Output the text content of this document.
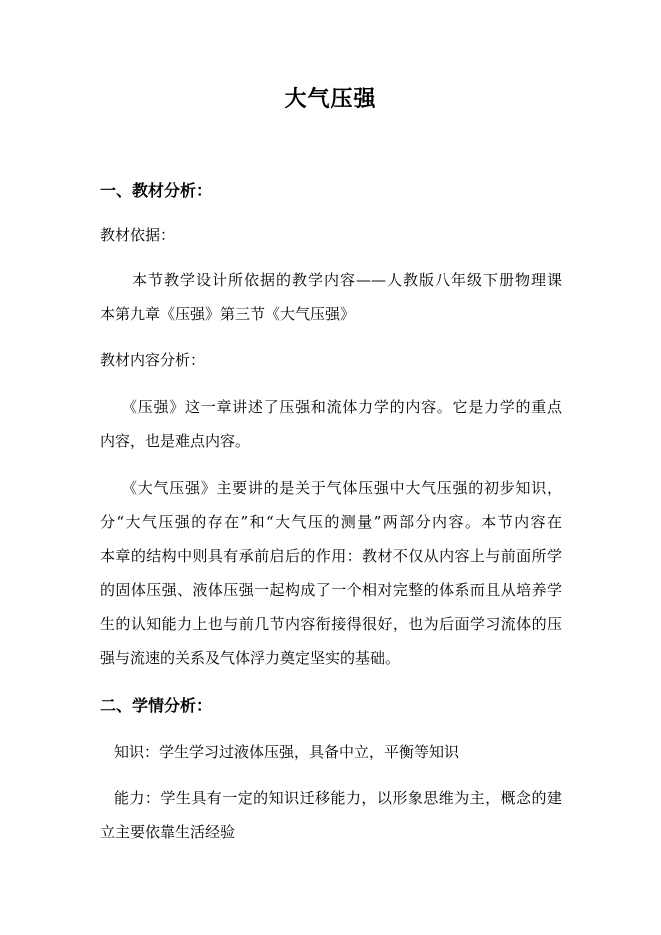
大气压强
一、教材分析：
教材依据：
本节教学设计所依据的教学内容——人教版八年级下册物理课
本第九章《压强》第三节《大气压强》
教材内容分析：
《压强》这一章讲述了压强和流体力学的内容。它是力学的重点
内容，也是难点内容。
《大气压强》主要讲的是关于气体压强中大气压强的初步知识，
分“大气压强的存在”和“大气压的测量”两部分内容。本节内容在
本章的结构中则具有承前启后的作用：教材不仅从内容上与前面所学
的固体压强、液体压强一起构成了一个相对完整的体系而且从培养学
生的认知能力上也与前几节内容衔接得很好，也为后面学习流体的压
强与流速的关系及气体浮力奠定坚实的基础。
二、学情分析：
知识：学生学习过液体压强，具备中立，平衡等知识
能力：学生具有一定的知识迁移能力，以形象思维为主，概念的建
立主要依靠生活经验
